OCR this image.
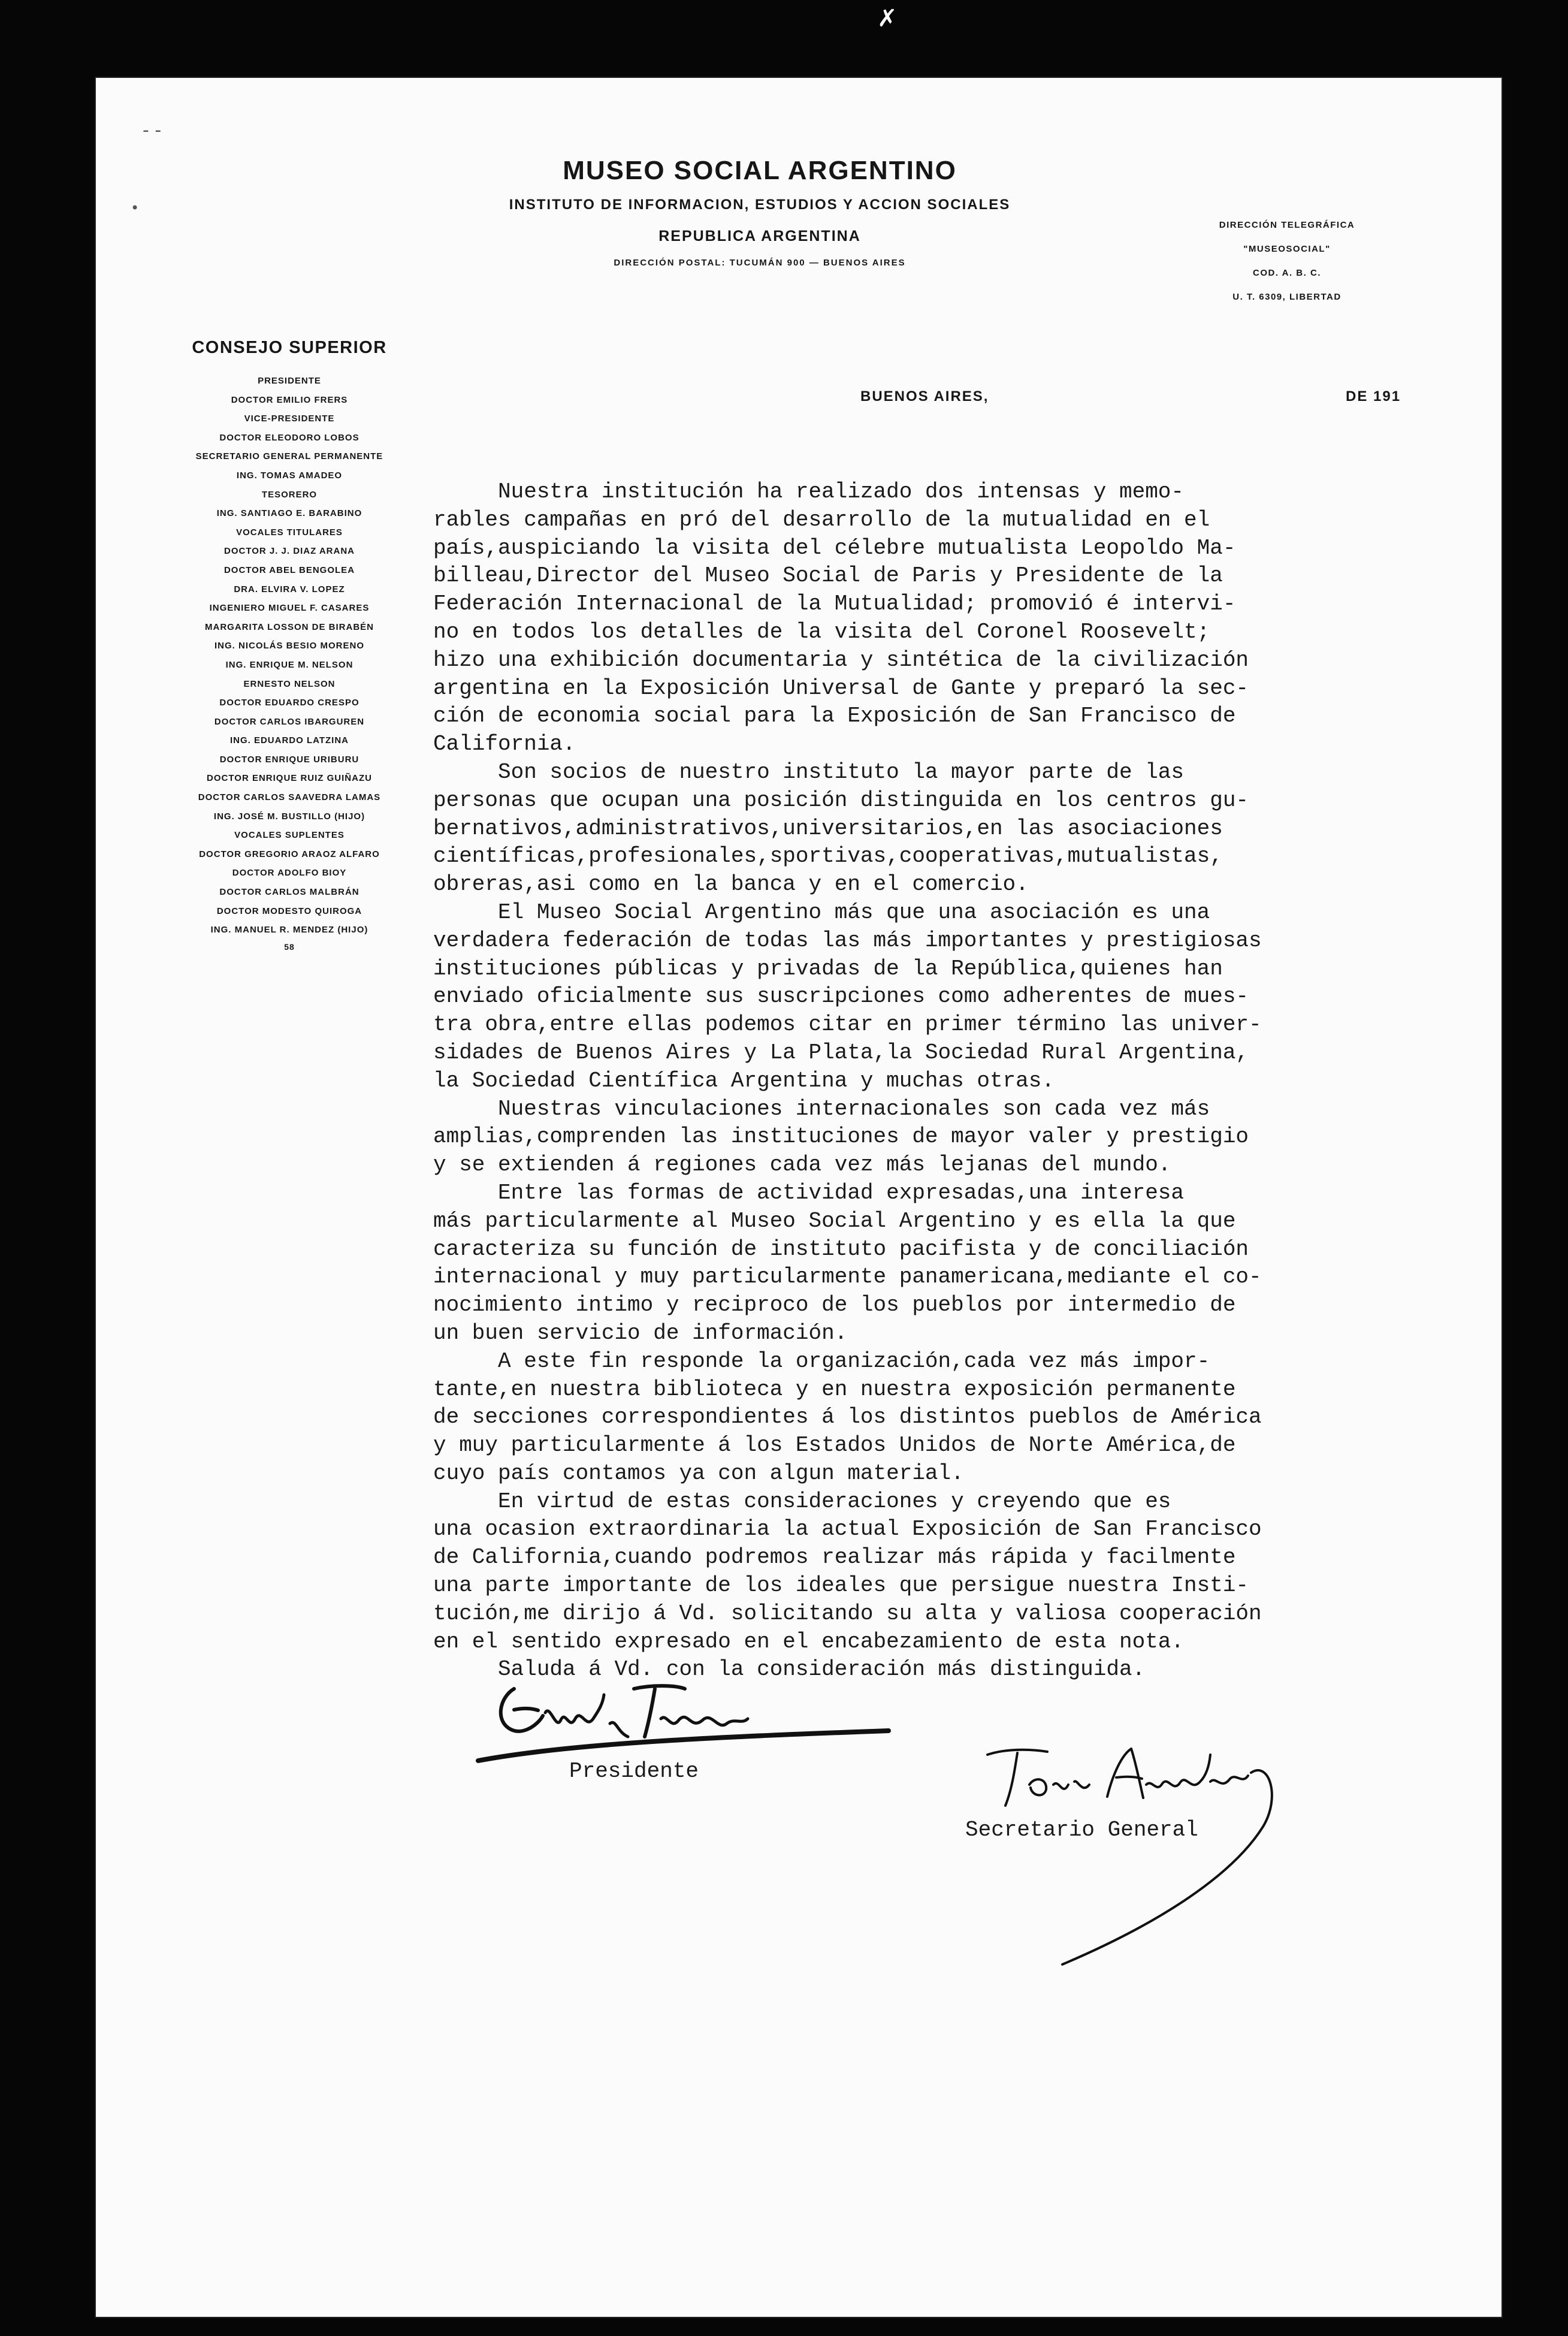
✗
- -
•
MUSEO SOCIAL ARGENTINO
INSTITUTO DE INFORMACION, ESTUDIOS Y ACCION SOCIALES
REPUBLICA ARGENTINA
DIRECCIÓN POSTAL: TUCUMÁN 900 — BUENOS AIRES
DIRECCIÓN TELEGRÁFICA
"MUSEOSOCIAL"
COD. A. B. C.
U. T. 6309, LIBERTAD
CONSEJO SUPERIOR
PRESIDENTE
DOCTOR EMILIO FRERS
VICE-PRESIDENTE
DOCTOR ELEODORO LOBOS
SECRETARIO GENERAL PERMANENTE
ING. TOMAS AMADEO
TESORERO
ING. SANTIAGO E. BARABINO
VOCALES TITULARES
DOCTOR J. J. DIAZ ARANA
DOCTOR ABEL BENGOLEA
DRA. ELVIRA V. LOPEZ
INGENIERO MIGUEL F. CASARES
MARGARITA LOSSON DE BIRABÉN
ING. NICOLÁS BESIO MORENO
ING. ENRIQUE M. NELSON
ERNESTO NELSON
DOCTOR EDUARDO CRESPO
DOCTOR CARLOS IBARGUREN
ING. EDUARDO LATZINA
DOCTOR ENRIQUE URIBURU
DOCTOR ENRIQUE RUIZ GUIÑAZU
DOCTOR CARLOS SAAVEDRA LAMAS
ING. JOSÉ M. BUSTILLO (HIJO)
VOCALES SUPLENTES
DOCTOR GREGORIO ARAOZ ALFARO
DOCTOR ADOLFO BIOY
DOCTOR CARLOS MALBRÁN
DOCTOR MODESTO QUIROGA
ING. MANUEL R. MENDEZ (HIJO)
58
BUENOS AIRES,	DE 191
Nuestra institución ha realizado dos intensas y memo-
rables campañas en pró del desarrollo de la mutualidad en el
país,auspiciando la visita del célebre mutualista Leopoldo Ma-
billeau,Director del Museo Social de Paris y Presidente de la
Federación Internacional de la Mutualidad; promovió é intervi-
no en todos los detalles de la visita del Coronel Roosevelt;
hizo una exhibición documentaria y sintética de la civilización
argentina en la Exposición Universal de Gante y preparó la sec-
ción de economia social para la Exposición de San Francisco de
California.
Son socios de nuestro instituto la mayor parte de las
personas que ocupan una posición distinguida en los centros gu-
bernativos,administrativos,universitarios,en las asociaciones
científicas,profesionales,sportivas,cooperativas,mutualistas,
obreras,asi como en la banca y en el comercio.
El Museo Social Argentino más que una asociación es una
verdadera federación de todas las más importantes y prestigiosas
instituciones públicas y privadas de la República,quienes han
enviado oficialmente sus suscripciones como adherentes de mues-
tra obra,entre ellas podemos citar en primer término las univer-
sidades de Buenos Aires y La Plata,la Sociedad Rural Argentina,
la Sociedad Científica Argentina y muchas otras.
Nuestras vinculaciones internacionales son cada vez más
amplias,comprenden las instituciones de mayor valer y prestigio
y se extienden á regiones cada vez más lejanas del mundo.
Entre las formas de actividad expresadas,una interesa
más particularmente al Museo Social Argentino y es ella la que
caracteriza su función de instituto pacifista y de conciliación
internacional y muy particularmente panamericana,mediante el co-
nocimiento intimo y reciproco de los pueblos por intermedio de
un buen servicio de información.
A este fin responde la organización,cada vez más impor-
tante,en nuestra biblioteca y en nuestra exposición permanente
de secciones correspondientes á los distintos pueblos de América
y muy particularmente á los Estados Unidos de Norte América,de
cuyo país contamos ya con algun material.
En virtud de estas consideraciones y creyendo que es
una ocasion extraordinaria la actual Exposición de San Francisco
de California,cuando podremos realizar más rápida y facilmente
una parte importante de los ideales que persigue nuestra Insti-
tución,me dirijo á Vd. solicitando su alta y valiosa cooperación
en el sentido expresado en el encabezamiento de esta nota.
Saluda á Vd. con la consideración más distinguida.
Presidente
Secretario General
